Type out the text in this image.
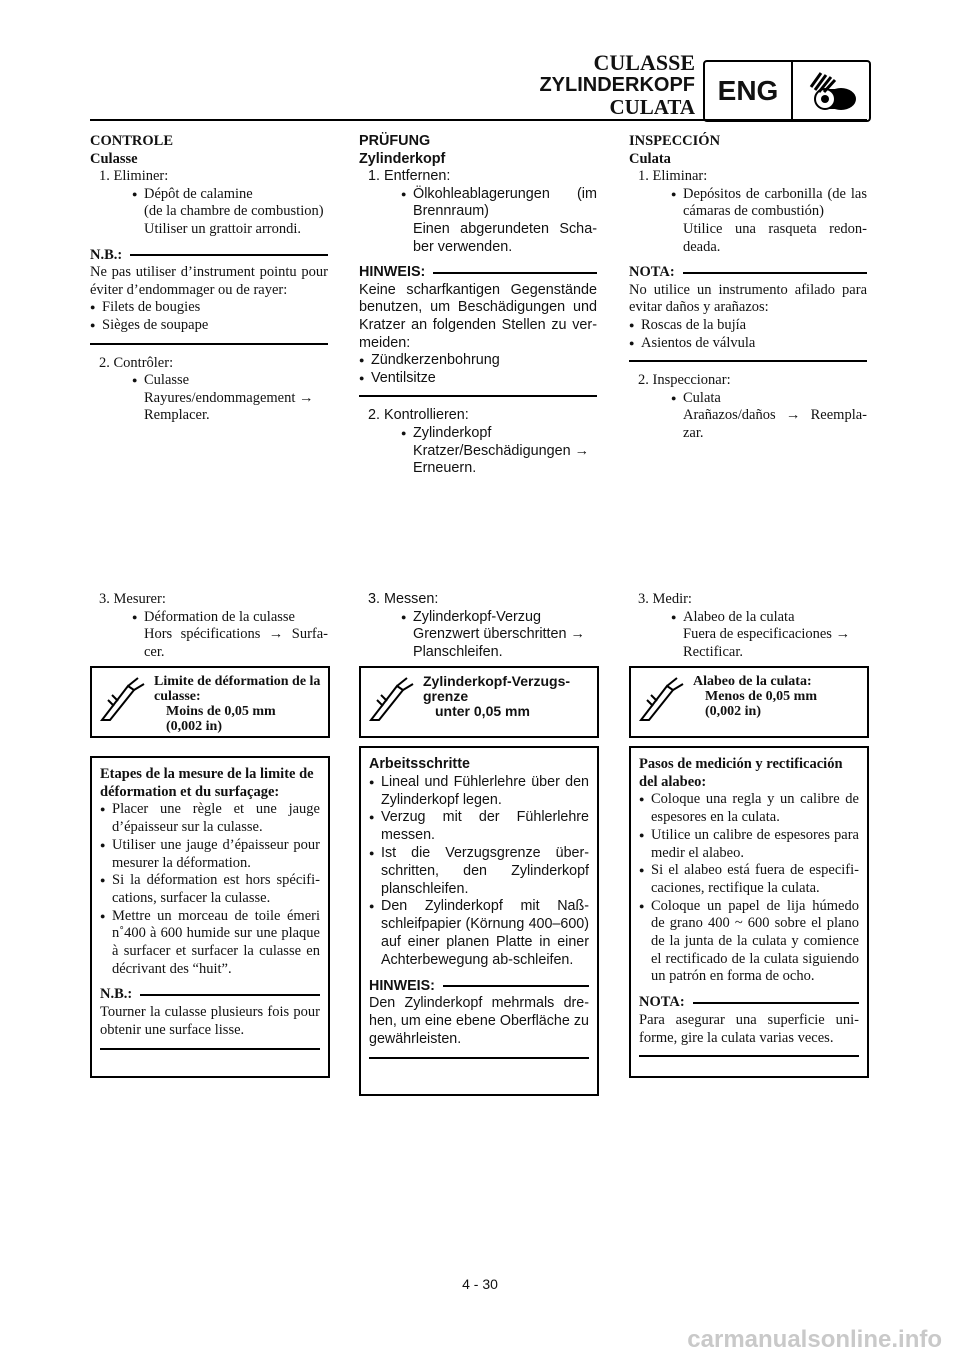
CULASSE
ZYLINDERKOPF
CULATA
ENG
CONTROLE
Culasse
1. Eliminer:
● Dépôt de calamine
(de la chambre de combustion)
Utiliser un grattoir arrondi.
N.B.:
Ne pas utiliser d’instrument pointu pour éviter d’endommager ou de rayer:
● Filets de bougies
● Sièges de soupape
2. Contrôler:
● Culasse
Rayures/endommagement →
Remplacer.
PRÜFUNG
Zylinderkopf
1. Entfernen:
● Ölkohleablagerungen (im Brennraum)
Einen abgerundeten Scha-ber verwenden.
HINWEIS:
Keine scharfkantigen Gegenstände benutzen, um Beschädigungen und Kratzer an folgenden Stellen zu ver-meiden:
● Zündkerzenbohrung
● Ventilsitze
2. Kontrollieren:
● Zylinderkopf
Kratzer/Beschädigungen →
Erneuern.
INSPECCIÓN
Culata
1. Eliminar:
● Depósitos de carbonilla (de las cámaras de combustión)
Utilice una rasqueta redon-deada.
NOTA:
No utilice un instrumento afilado para evitar daños y arañazos:
● Roscas de la bujía
● Asientos de válvula
2. Inspeccionar:
● Culata
Arañazos/daños → Reempla-zar.
3. Mesurer:
● Déformation de la culasse
Hors spécifications → Surfa-cer.
3. Messen:
● Zylinderkopf-Verzug
Grenzwert überschritten →
Planschleifen.
3. Medir:
● Alabeo de la culata
Fuera de especificaciones →
Rectificar.
Limite de déformation de la culasse:
Moins de 0,05 mm
(0,002 in)
Zylinderkopf-Verzugs-grenze
unter 0,05 mm
Alabeo de la culata:
Menos de 0,05 mm
(0,002 in)
Etapes de la mesure de la limite de déformation et du surfaçage:
● Placer une règle et une jauge d’épaisseur sur la culasse.
● Utiliser une jauge d’épaisseur pour mesurer la déformation.
● Si la déformation est hors spécifi-cations, surfacer la culasse.
● Mettre un morceau de toile émeri n˚400 à 600 humide sur une plaque à surfacer et surfacer la culasse en décrivant des “huit”.
N.B.:
Tourner la culasse plusieurs fois pour obtenir une surface lisse.
Arbeitsschritte
● Lineal und Fühlerlehre über den Zylinderkopf legen.
● Verzug mit der Fühlerlehre messen.
● Ist die Verzugsgrenze über-schritten, den Zylinderkopf planschleifen.
● Den Zylinderkopf mit Naß-schleifpapier (Körnung 400–600) auf einer planen Platte in einer Achterbewegung ab-schleifen.
HINWEIS:
Den Zylinderkopf mehrmals dre-hen, um eine ebene Oberfläche zu gewährleisten.
Pasos de medición y rectificación del alabeo:
● Coloque una regla y un calibre de espesores en la culata.
● Utilice un calibre de espesores para medir el alabeo.
● Si el alabeo está fuera de especifi-caciones, rectifique la culata.
● Coloque un papel de lija húmedo de grano 400 ~ 600 sobre el plano de la junta de la culata y comience el rectificado de la culata siguiendo un patrón en forma de ocho.
NOTA:
Para asegurar una superficie uni-forme, gire la culata varias veces.
4 - 30
carmanualsonline.info
